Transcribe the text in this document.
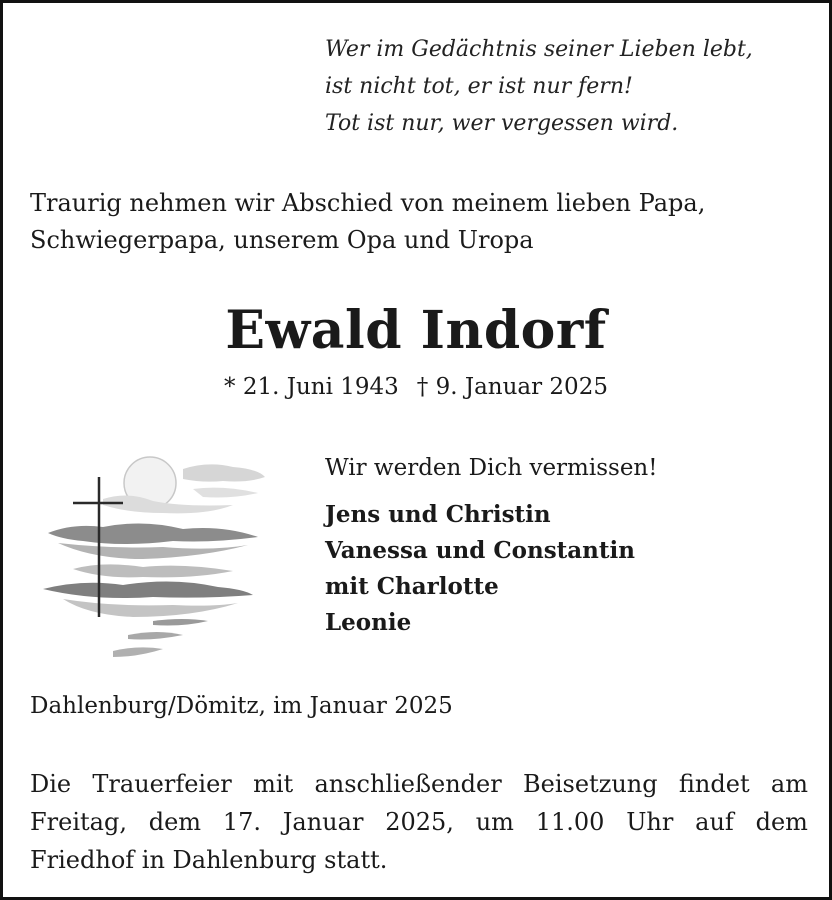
Wer im Gedächtnis seiner Lieben lebt,
ist nicht tot, er ist nur fern!
Tot ist nur, wer vergessen wird.
Traurig nehmen wir Abschied von meinem lieben Papa,
Schwiegerpapa, unserem Opa und Uropa
Ewald Indorf
* 21. Juni 1943 † 9. Januar 2025
Wir werden Dich vermissen!
Jens und Christin
Vanessa und Constantin
mit Charlotte
Leonie
Dahlenburg/Dömitz, im Januar 2025
Die Trauerfeier mit anschließender Beisetzung findet am
Freitag, dem 17. Januar 2025, um 11.00 Uhr auf dem
Friedhof in Dahlenburg statt.
